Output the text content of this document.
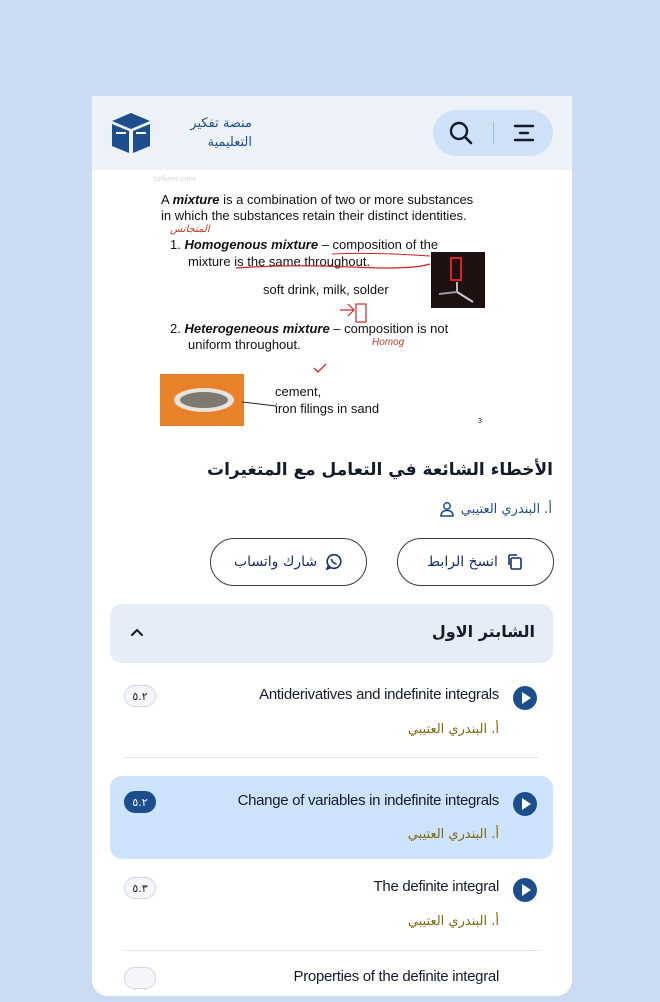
منصة تفكير
التعليمية
tafkeer.com
A mixture is a combination of two or more substances
in which the substances retain their distinct identities.
المتجانس
1. Homogenous mixture – composition of the
mixture is the same throughout.
soft drink, milk, solder
2. Heterogeneous mixture – composition is not
uniform throughout.	Homog
cement,
iron filings in sand
3
الأخطاء الشائعة في التعامل مع المتغيرات
أ. البندري العتيبي
انسخ الرابط
شارك واتساب
الشابتر الاول
Antiderivatives and indefinite integrals
أ. البندري العتيبي
٥.٢
Change of variables in indefinite integrals
أ. البندري العتيبي
٥.٢
The definite integral
أ. البندري العتيبي
٥.٣
Properties of the definite integral
